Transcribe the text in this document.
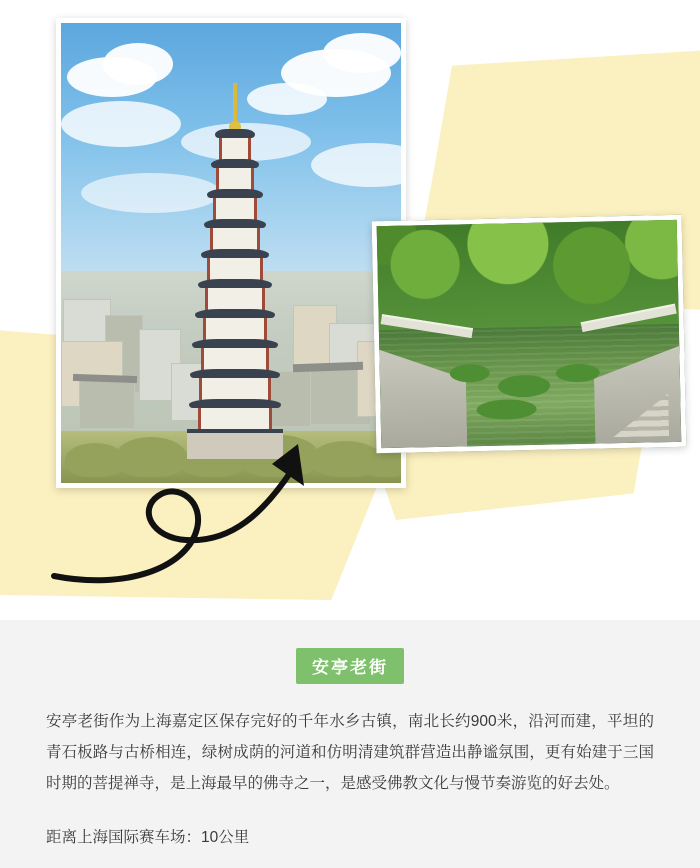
安亭老街

安亭老街作为上海嘉定区保存完好的千年水乡古镇，南北长约900米，沿河而建，平坦的青石板路与古桥相连，绿树成荫的河道和仿明清建筑群营造出静谧氛围，更有始建于三国时期的菩提禅寺，是上海最早的佛寺之一，是感受佛教文化与慢节奏游览的好去处。

距离上海国际赛车场：10公里
